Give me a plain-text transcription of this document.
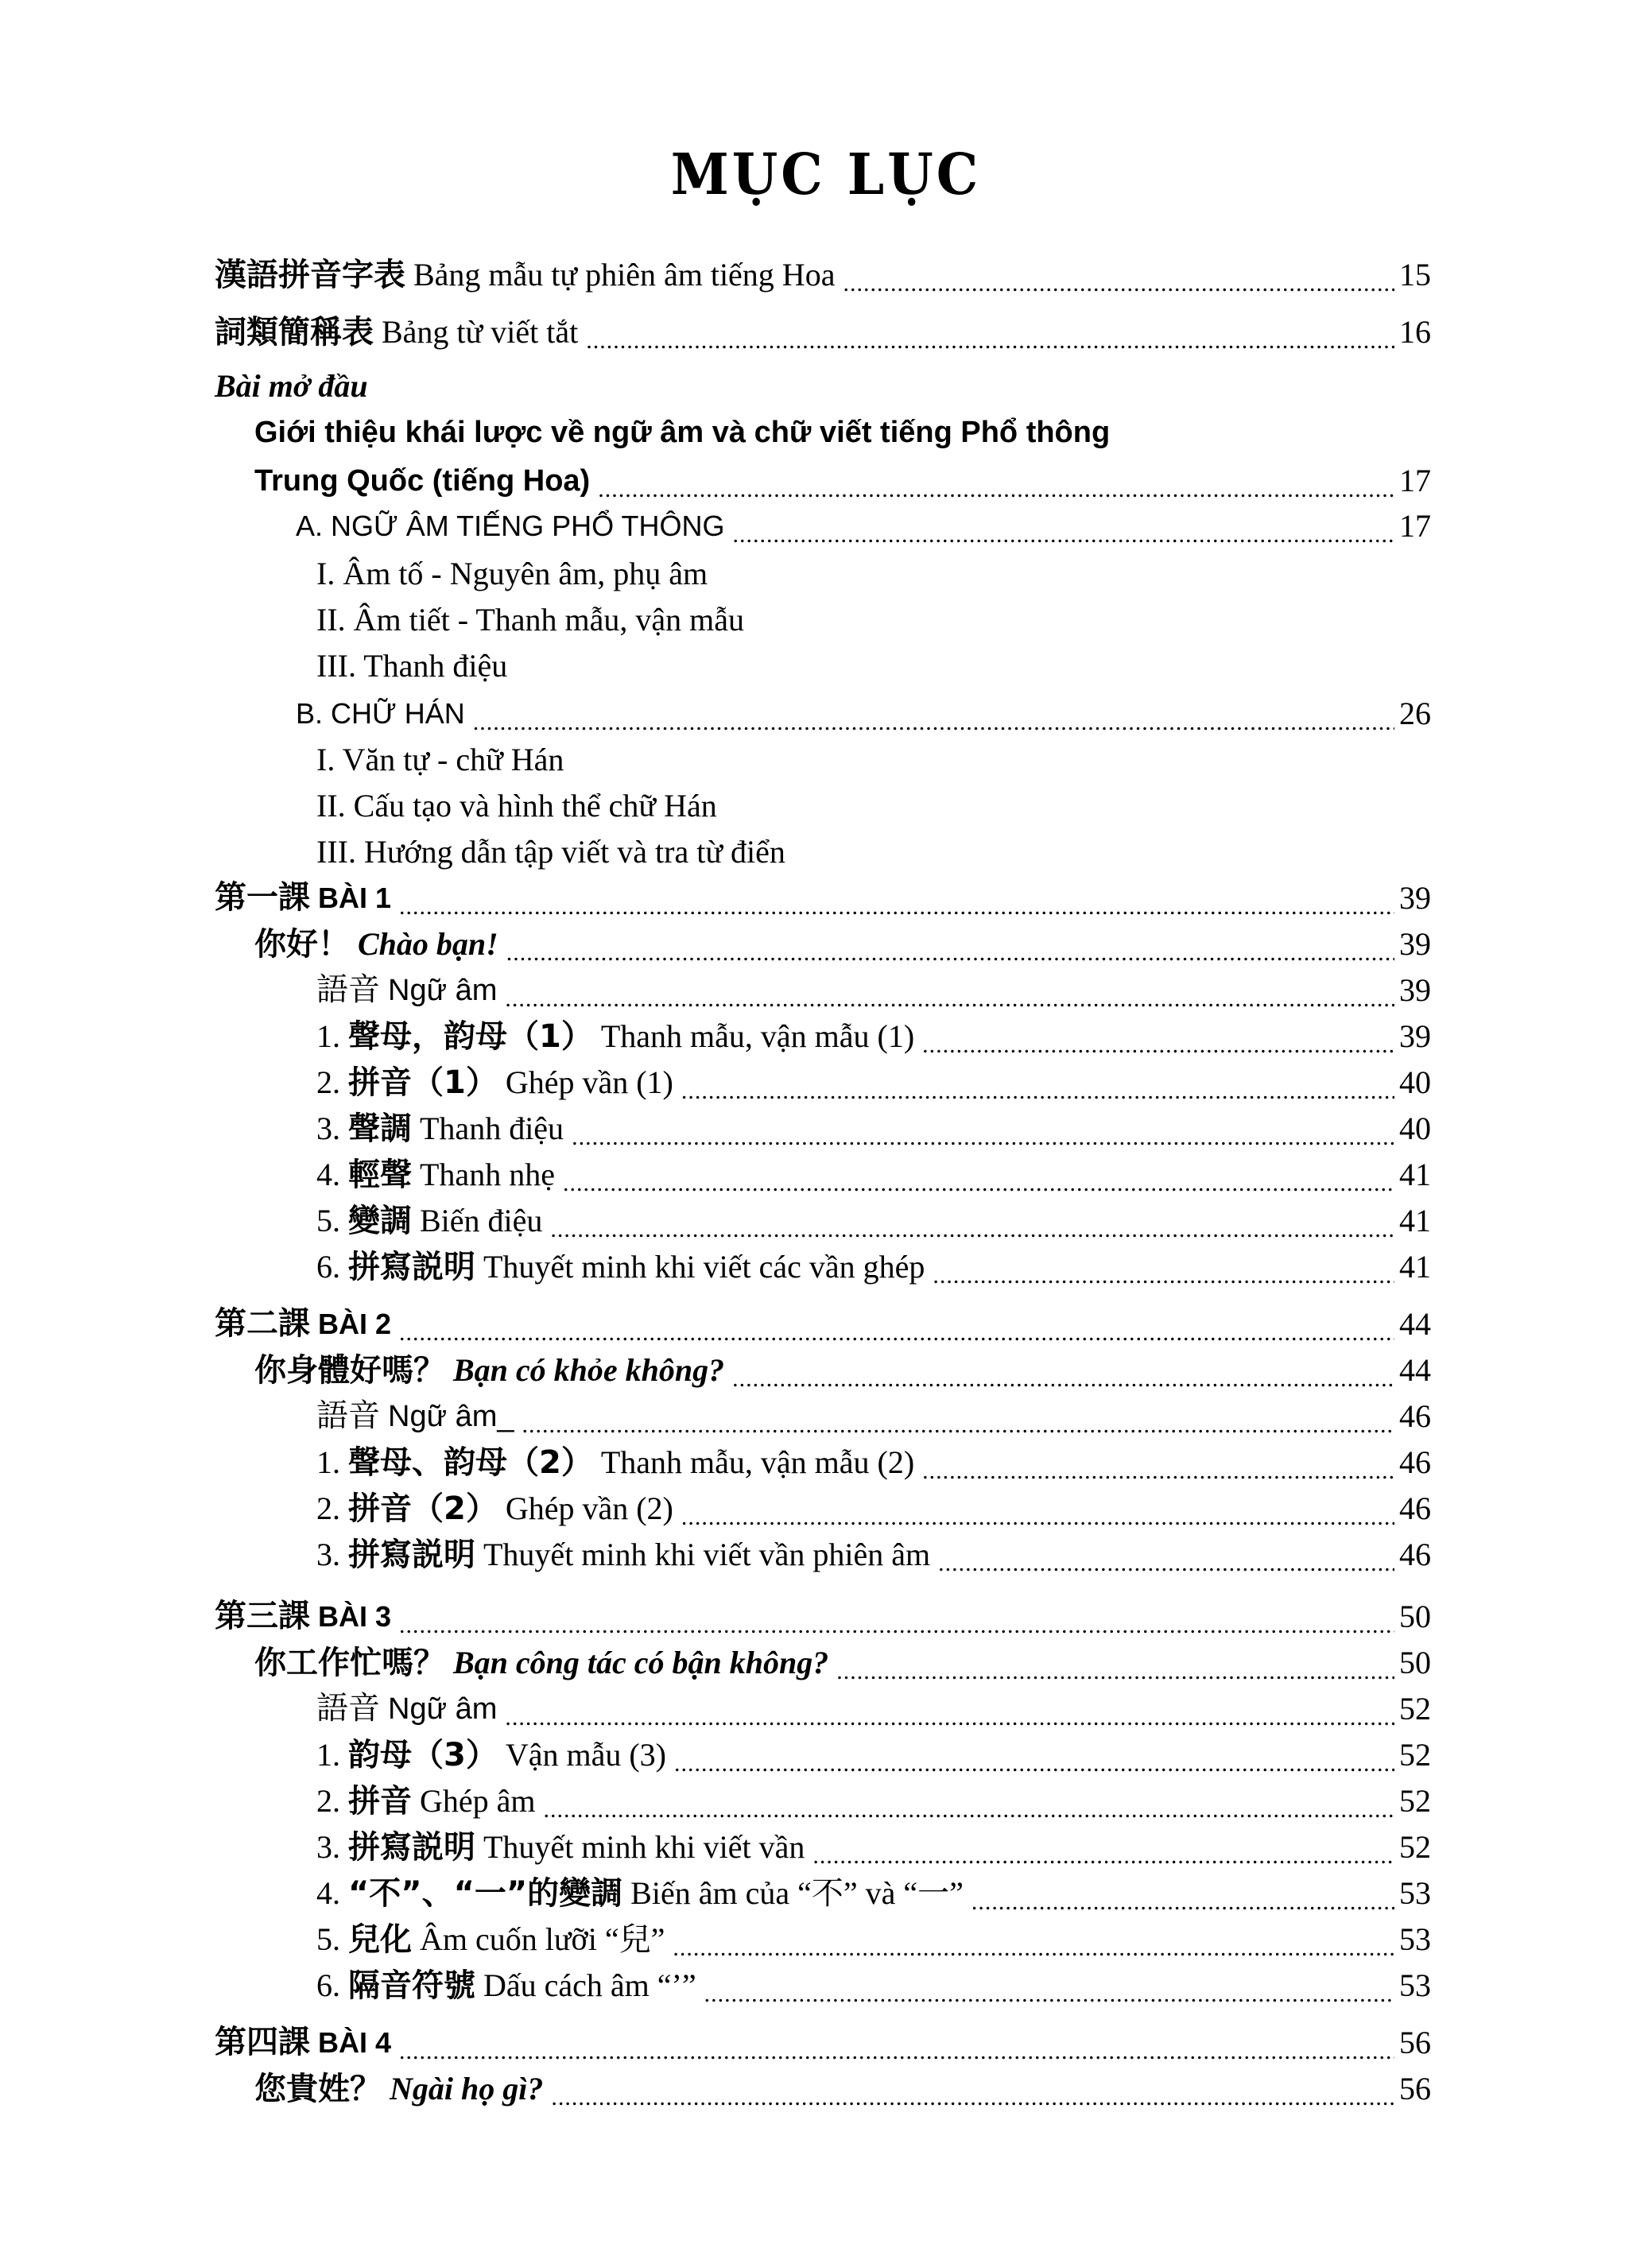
MỤC LỤC
漢語拼音字表 Bảng mẫu tự phiên âm tiếng Hoa .....	15
詞類簡稱表 Bảng từ viết tắt .....	16
Bài mở đầu
Giới thiệu khái lược về ngữ âm và chữ viết tiếng Phổ thông
Trung Quốc (tiếng Hoa) .....	17
A. NGỮ ÂM TIẾNG PHỔ THÔNG .....	17
I. Âm tố - Nguyên âm, phụ âm
II. Âm tiết - Thanh mẫu, vận mẫu
III. Thanh điệu
B. CHỮ HÁN .....	26
I. Văn tự - chữ Hán
II. Cấu tạo và hình thể chữ Hán
III. Hướng dẫn tập viết và tra từ điển
第一課 BÀI 1 .....	39
你好！ Chào bạn! .....	39
語音 Ngữ âm .....	39
1. 聲母，韵母（1） Thanh mẫu, vận mẫu (1) .....	39
2. 拼音（1） Ghép vần (1) .....	40
3. 聲調 Thanh điệu .....	40
4. 輕聲 Thanh nhẹ .....	41
5. 變調 Biến điệu .....	41
6. 拼寫説明 Thuyết minh khi viết các vần ghép .....	41
第二課 BÀI 2 .....	44
你身體好嗎？ Bạn có khỏe không? .....	44
語音 Ngữ âm_ .....	46
1. 聲母、韵母（2） Thanh mẫu, vận mẫu (2) .....	46
2. 拼音（2） Ghép vần (2) .....	46
3. 拼寫説明 Thuyết minh khi viết vần phiên âm .....	46
第三課 BÀI 3 .....	50
你工作忙嗎？ Bạn công tác có bận không? .....	50
語音 Ngữ âm .....	52
1. 韵母（3） Vận mẫu (3) .....	52
2. 拼音 Ghép âm .....	52
3. 拼寫説明 Thuyết minh khi viết vần .....	52
4. “不”、“一”的變調 Biến âm của “不” và “一” .....	53
5. 兒化 Âm cuốn lưỡi “兒” .....	53
6. 隔音符號 Dấu cách âm “’” .....	53
第四課 BÀI 4 .....	56
您貴姓？ Ngài họ gì? .....	56
